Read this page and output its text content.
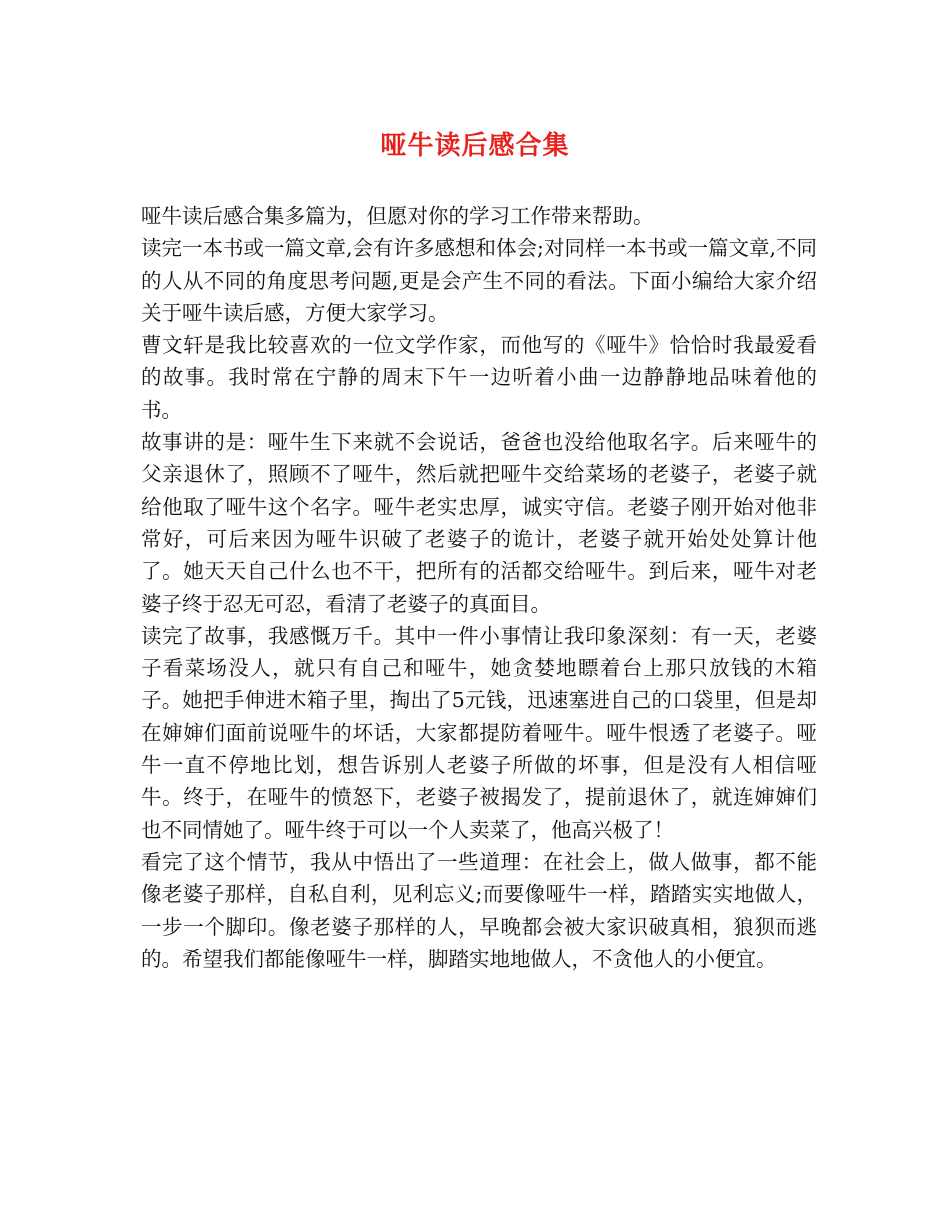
哑牛读后感合集

哑牛读后感合集多篇为，但愿对你的学习工作带来帮助。

读完一本书或一篇文章,会有许多感想和体会;对同样一本书或一篇文章,不同的人从不同的角度思考问题,更是会产生不同的看法。下面小编给大家介绍关于哑牛读后感，方便大家学习。

曹文轩是我比较喜欢的一位文学作家，而他写的《哑牛》恰恰时我最爱看的故事。我时常在宁静的周末下午一边听着小曲一边静静地品味着他的书。

故事讲的是：哑牛生下来就不会说话，爸爸也没给他取名字。后来哑牛的父亲退休了，照顾不了哑牛，然后就把哑牛交给菜场的老婆子，老婆子就给他取了哑牛这个名字。哑牛老实忠厚，诚实守信。老婆子刚开始对他非常好，可后来因为哑牛识破了老婆子的诡计，老婆子就开始处处算计他了。她天天自己什么也不干，把所有的活都交给哑牛。到后来，哑牛对老婆子终于忍无可忍，看清了老婆子的真面目。

读完了故事，我感慨万千。其中一件小事情让我印象深刻：有一天，老婆子看菜场没人，就只有自己和哑牛，她贪婪地瞟着台上那只放钱的木箱子。她把手伸进木箱子里，掏出了5元钱，迅速塞进自己的口袋里，但是却在婶婶们面前说哑牛的坏话，大家都提防着哑牛。哑牛恨透了老婆子。哑牛一直不停地比划，想告诉别人老婆子所做的坏事，但是没有人相信哑牛。终于，在哑牛的愤怒下，老婆子被揭发了，提前退休了，就连婶婶们也不同情她了。哑牛终于可以一个人卖菜了，他高兴极了！

看完了这个情节，我从中悟出了一些道理：在社会上，做人做事，都不能像老婆子那样，自私自利，见利忘义;而要像哑牛一样，踏踏实实地做人，一步一个脚印。像老婆子那样的人，早晚都会被大家识破真相，狼狈而逃的。希望我们都能像哑牛一样，脚踏实地地做人，不贪他人的小便宜。
